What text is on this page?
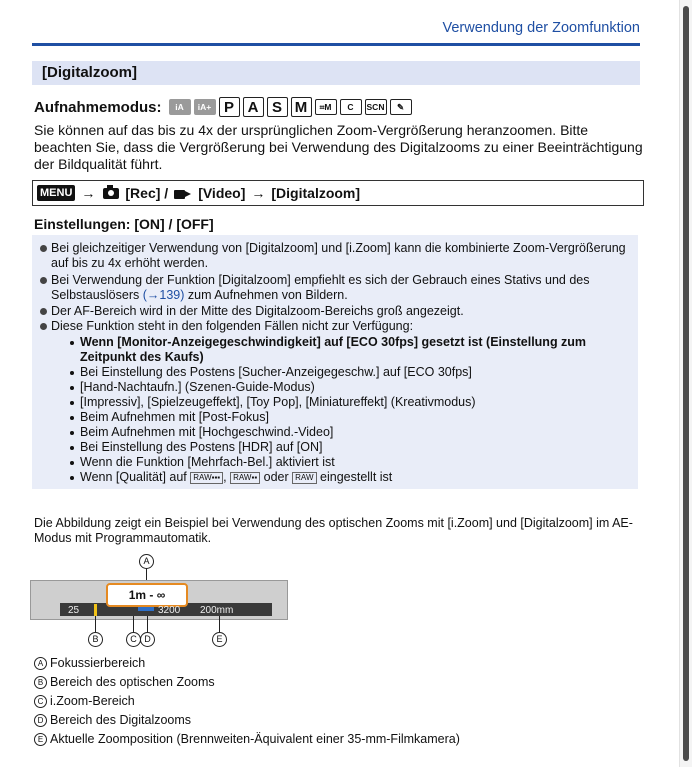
Verwendung der Zoomfunktion
[Digitalzoom]
Aufnahmemodus:	iA	iA+ P A S M	⌗M	C	SCN	✎
Sie können auf das bis zu 4x der ursprünglichen Zoom-Vergrößerung heranzoomen. Bitte beachten Sie, dass die Vergrößerung bei Verwendung des Digitalzooms zu einer Beeinträchtigung der Bildqualität führt.
MENU → [Rec] / [Video] → [Digitalzoom]
Einstellungen: [ON] / [OFF]
Bei gleichzeitiger Verwendung von [Digitalzoom] und [i.Zoom] kann die kombinierte Zoom-Vergrößerung auf bis zu 4x erhöht werden.
Bei Verwendung der Funktion [Digitalzoom] empfiehlt es sich der Gebrauch eines Stativs und des Selbstauslösers (→139) zum Aufnehmen von Bildern.
Der AF-Bereich wird in der Mitte des Digitalzoom-Bereichs groß angezeigt.
Diese Funktion steht in den folgenden Fällen nicht zur Verfügung:
Wenn [Monitor-Anzeigegeschwindigkeit] auf [ECO 30fps] gesetzt ist (Einstellung zum Zeitpunkt des Kaufs)
Bei Einstellung des Postens [Sucher-Anzeigegeschw.] auf [ECO 30fps]
[Hand-Nachtaufn.] (Szenen-Guide-Modus)
[Impressiv], [Spielzeugeffekt], [Toy Pop], [Miniatureffekt] (Kreativmodus)
Beim Aufnehmen mit [Post-Fokus]
Beim Aufnehmen mit [Hochgeschwind.-Video]
Bei Einstellung des Postens [HDR] auf [ON]
Wenn die Funktion [Mehrfach-Bel.] aktiviert ist
Wenn [Qualität] auf RAW▪▪▪ , RAW▪▪ oder RAW eingestellt ist
Die Abbildung zeigt ein Beispiel bei Verwendung des optischen Zooms mit [i.Zoom] und [Digitalzoom] im AE-Modus mit Programmautomatik.
A
1m - ∞
25	3200 200mm
B	C D	E
A Fokussierbereich
B Bereich des optischen Zooms
C i.Zoom-Bereich
D Bereich des Digitalzooms
E Aktuelle Zoomposition (Brennweiten-Äquivalent einer 35-mm-Filmkamera)
